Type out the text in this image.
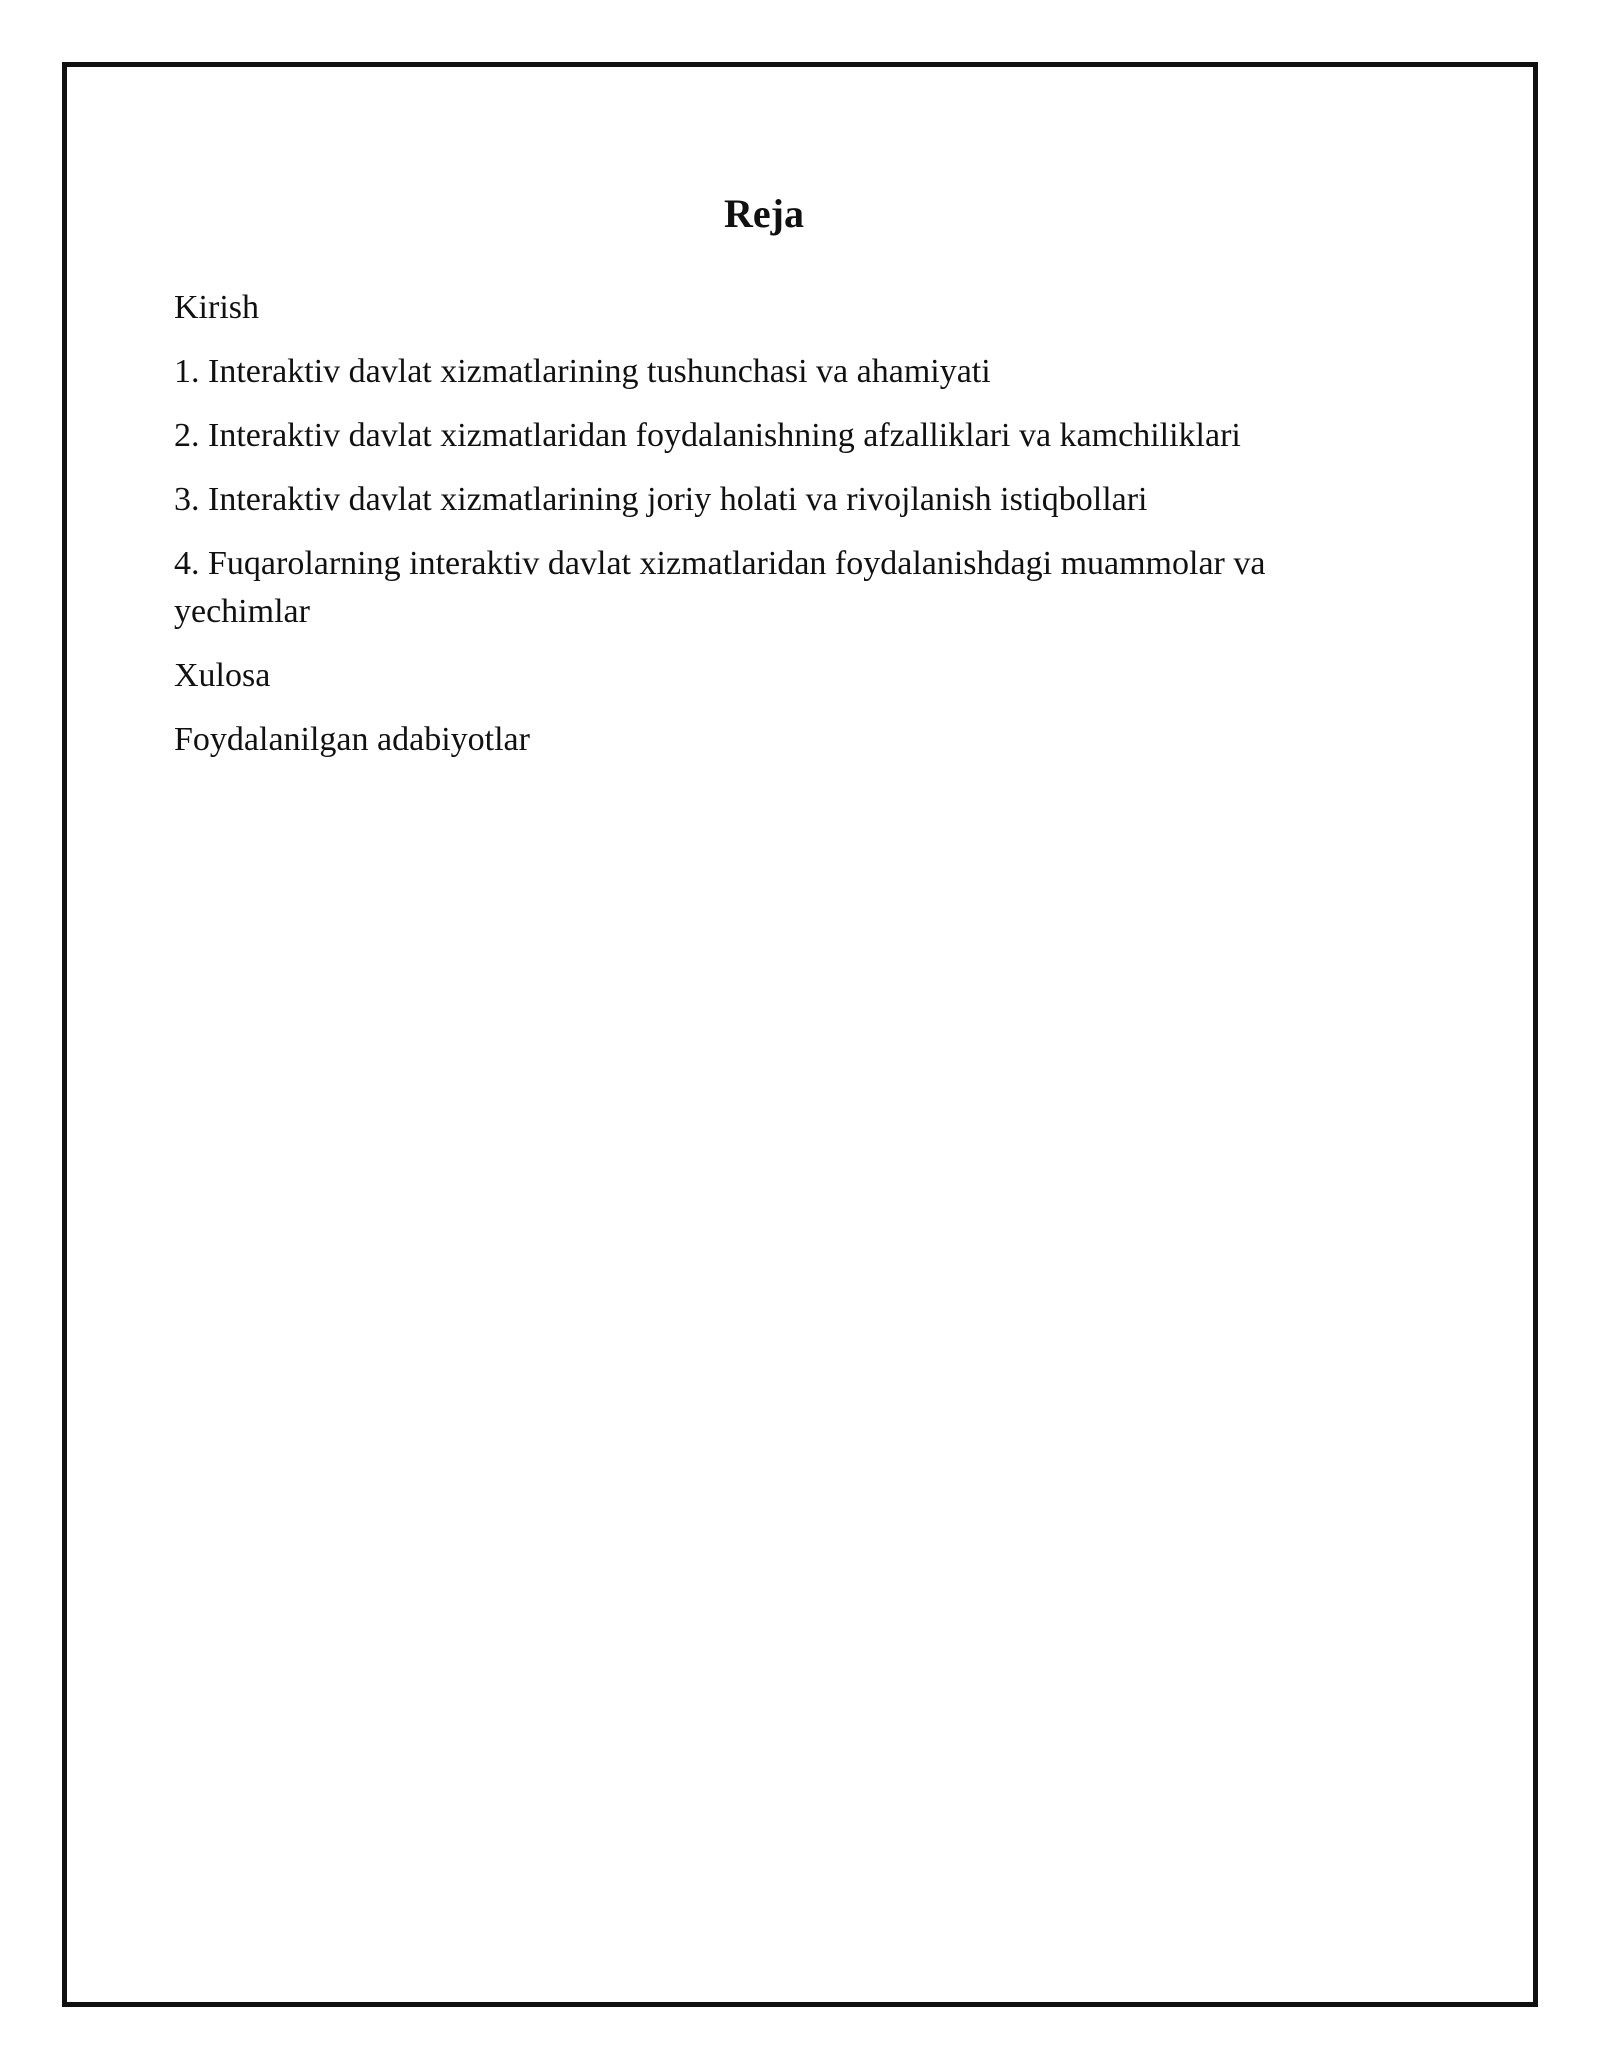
Reja
Kirish
1. Interaktiv davlat xizmatlarining tushunchasi va ahamiyati
2. Interaktiv davlat xizmatlaridan foydalanishning afzalliklari va kamchiliklari
3. Interaktiv davlat xizmatlarining joriy holati va rivojlanish istiqbollari
4. Fuqarolarning interaktiv davlat xizmatlaridan foydalanishdagi muammolar va yechimlar
Xulosa
Foydalanilgan adabiyotlar
